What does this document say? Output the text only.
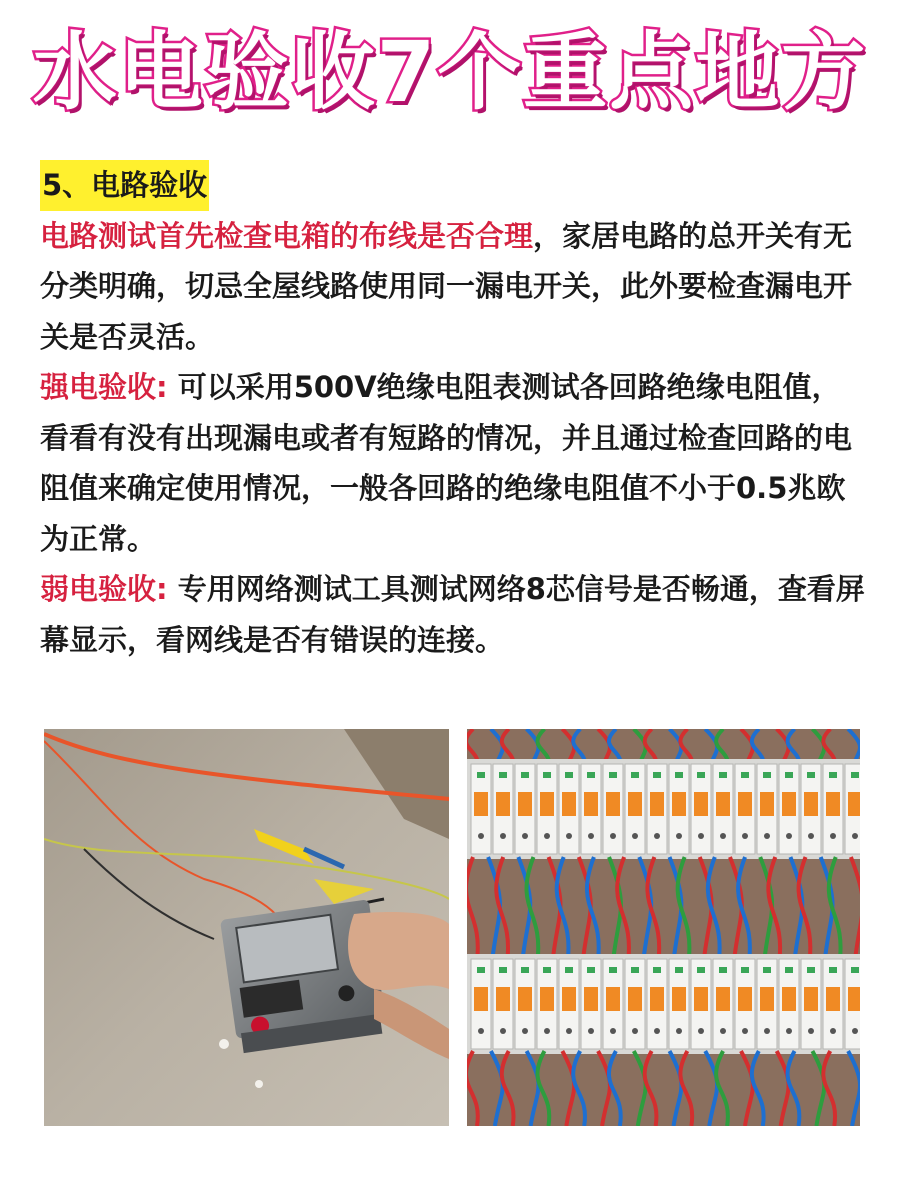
水电验收7个重点地方
5、电路验收

电路测试首先检查电箱的布线是否合理，家居电路的总开关有无分类明确，切忌全屋线路使用同一漏电开关，此外要检查漏电开关是否灵活。

强电验收: 可以采用500V绝缘电阻表测试各回路绝缘电阻值，看看有没有出现漏电或者有短路的情况，并且通过检查回路的电阻值来确定使用情况，一般各回路的绝缘电阻值不小于0.5兆欧为正常。

弱电验收: 专用网络测试工具测试网络8芯信号是否畅通，查看屏幕显示，看网线是否有错误的连接。
